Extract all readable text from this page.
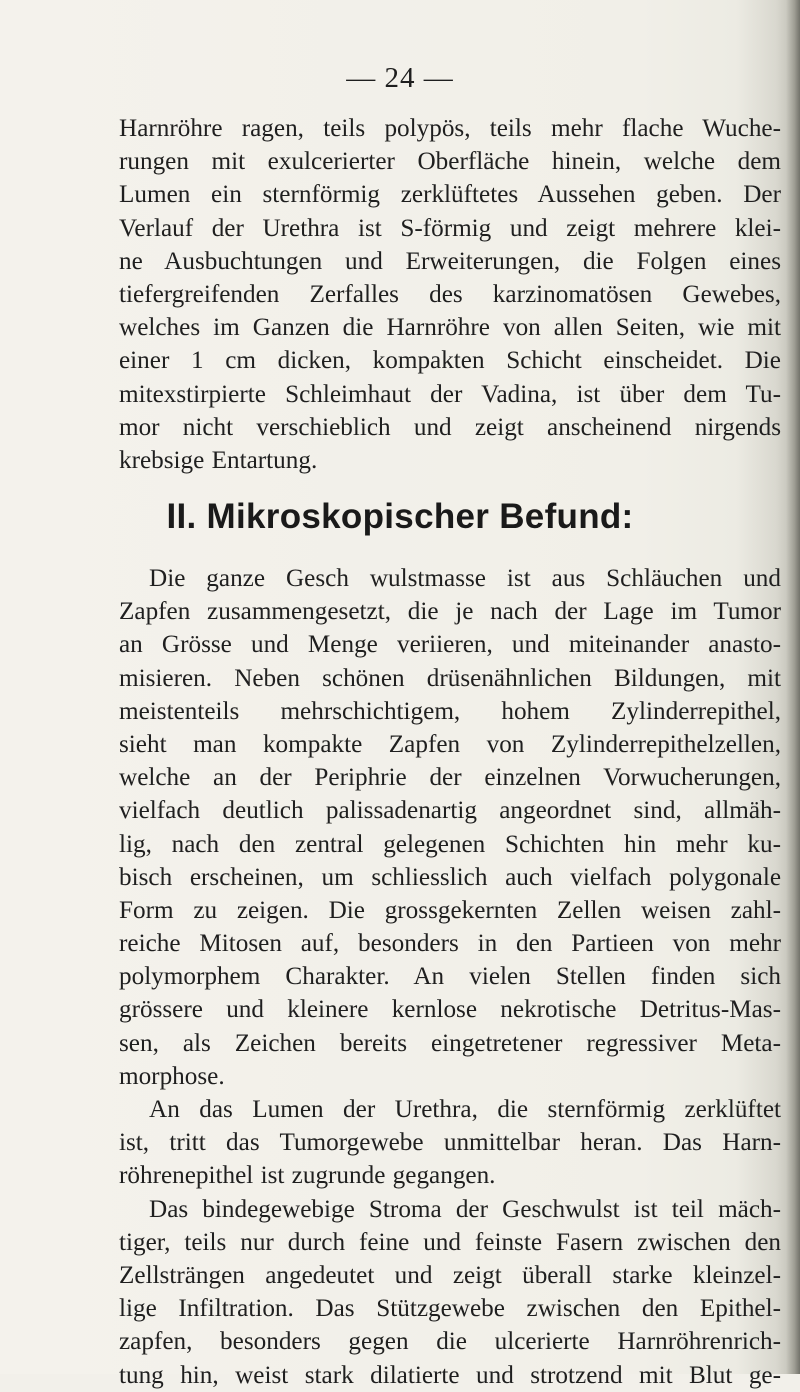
— 24 —
Harnröhre ragen, teils polypös, teils mehr flache Wuche-
rungen mit exulcerierter Oberfläche hinein, welche dem
Lumen ein sternförmig zerklüftetes Aussehen geben. Der
Verlauf der Urethra ist S-förmig und zeigt mehrere klei-
ne Ausbuchtungen und Erweiterungen, die Folgen eines
tiefergreifenden Zerfalles des karzinomatösen Gewebes,
welches im Ganzen die Harnröhre von allen Seiten, wie mit
einer 1 cm dicken, kompakten Schicht einscheidet. Die
mitexstirpierte Schleimhaut der Vadina, ist über dem Tu-
mor nicht verschieblich und zeigt anscheinend nirgends
krebsige Entartung.
II. Mikroskopischer Befund:
Die ganze Gesch wulstmasse ist aus Schläuchen und
Zapfen zusammengesetzt, die je nach der Lage im Tumor
an Grösse und Menge veriieren, und miteinander anasto-
misieren. Neben schönen drüsenähnlichen Bildungen, mit
meistenteils mehrschichtigem, hohem Zylinderrepithel,
sieht man kompakte Zapfen von Zylinderrepithelzellen,
welche an der Periphrie der einzelnen Vorwucherungen,
vielfach deutlich palissadenartig angeordnet sind, allmäh-
lig, nach den zentral gelegenen Schichten hin mehr ku-
bisch erscheinen, um schliesslich auch vielfach polygonale
Form zu zeigen. Die grossgekernten Zellen weisen zahl-
reiche Mitosen auf, besonders in den Partieen von mehr
polymorphem Charakter. An vielen Stellen finden sich
grössere und kleinere kernlose nekrotische Detritus-Mas-
sen, als Zeichen bereits eingetretener regressiver Meta-
morphose.
An das Lumen der Urethra, die sternförmig zerklüftet
ist, tritt das Tumorgewebe unmittelbar heran. Das Harn-
röhrenepithel ist zugrunde gegangen.
Das bindegewebige Stroma der Geschwulst ist teil mäch-
tiger, teils nur durch feine und feinste Fasern zwischen den
Zellsträngen angedeutet und zeigt überall starke kleinzel-
lige Infiltration. Das Stützgewebe zwischen den Epithel-
zapfen, besonders gegen die ulcerierte Harnröhrenrich-
tung hin, weist stark dilatierte und strotzend mit Blut ge-
